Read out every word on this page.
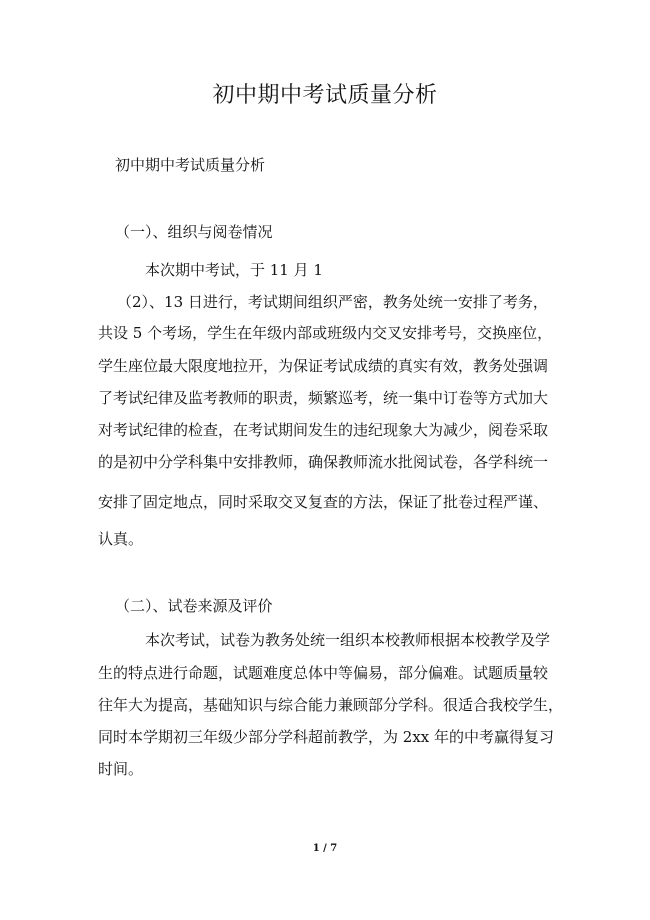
初中期中考试质量分析

初中期中考试质量分析

（一）、组织与阅卷情况

本次期中考试，于 11 月 1

（2）、13 日进行，考试期间组织严密，教务处统一安排了考务，

共设 5 个考场，学生在年级内部或班级内交叉安排考号，交换座位，

学生座位最大限度地拉开，为保证考试成绩的真实有效，教务处强调

了考试纪律及监考教师的职责，频繁巡考，统一集中订卷等方式加大

对考试纪律的检查，在考试期间发生的违纪现象大为减少，阅卷采取

的是初中分学科集中安排教师，确保教师流水批阅试卷，各学科统一

安排了固定地点，同时采取交叉复查的方法，保证了批卷过程严谨、

认真。

（二）、试卷来源及评价

本次考试，试卷为教务处统一组织本校教师根据本校教学及学

生的特点进行命题，试题难度总体中等偏易，部分偏难。试题质量较

往年大为提高，基础知识与综合能力兼顾部分学科。很适合我校学生，

同时本学期初三年级少部分学科超前教学，为 2xx 年的中考赢得复习

时间。

1 / 7
